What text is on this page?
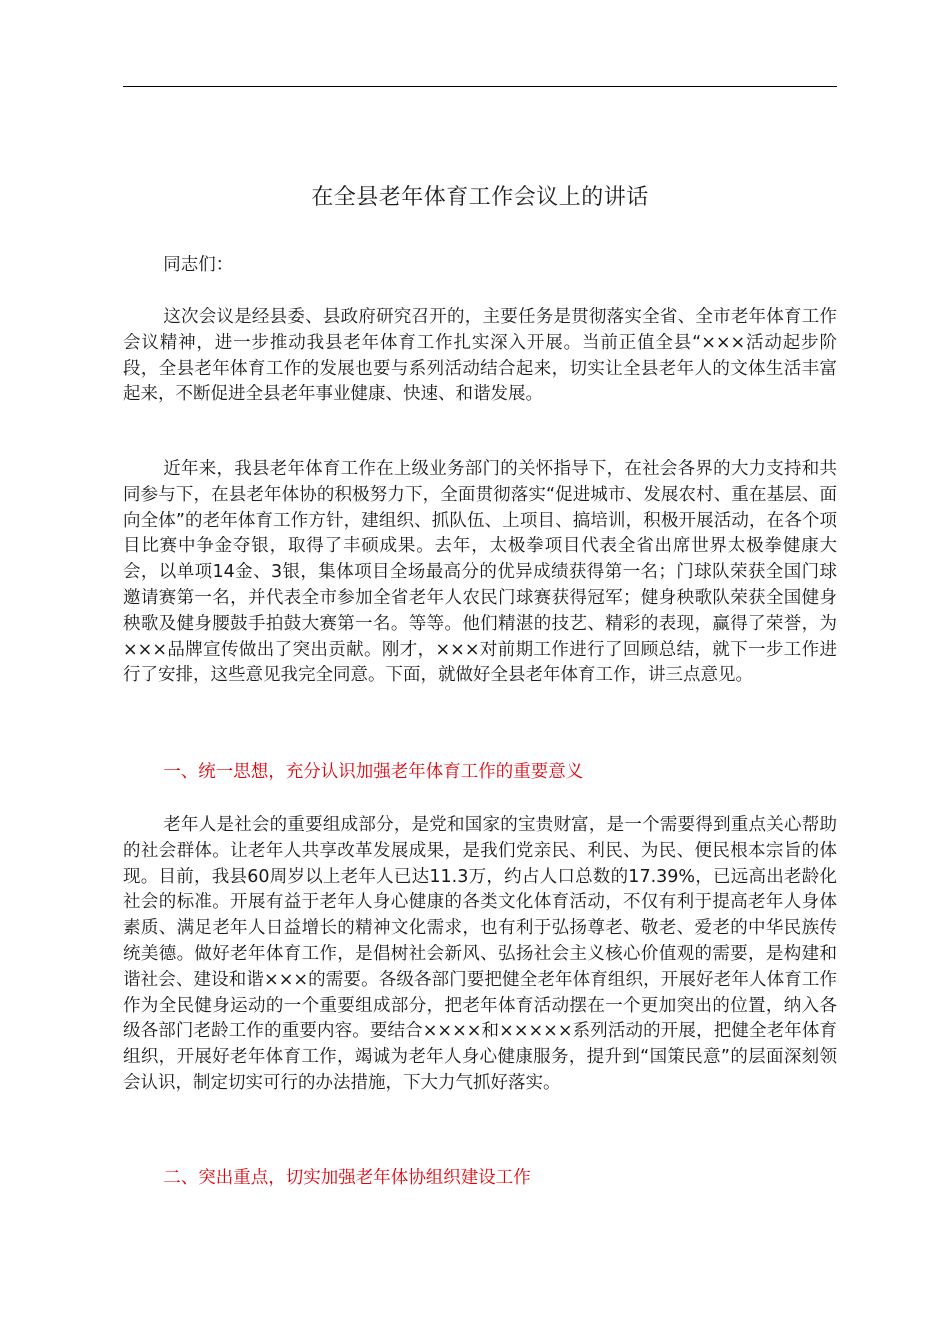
在全县老年体育工作会议上的讲话

同志们：

这次会议是经县委、县政府研究召开的，主要任务是贯彻落实全省、全市老年体育工作会议精神，进一步推动我县老年体育工作扎实深入开展。当前正值全县“×××活动起步阶段，全县老年体育工作的发展也要与系列活动结合起来，切实让全县老年人的文体生活丰富起来，不断促进全县老年事业健康、快速、和谐发展。

近年来，我县老年体育工作在上级业务部门的关怀指导下，在社会各界的大力支持和共同参与下，在县老年体协的积极努力下，全面贯彻落实“促进城市、发展农村、重在基层、面向全体”的老年体育工作方针，建组织、抓队伍、上项目、搞培训，积极开展活动，在各个项目比赛中争金夺银，取得了丰硕成果。去年，太极拳项目代表全省出席世界太极拳健康大会，以单项14金、3银，集体项目全场最高分的优异成绩获得第一名；门球队荣获全国门球邀请赛第一名，并代表全市参加全省老年人农民门球赛获得冠军；健身秧歌队荣获全国健身秧歌及健身腰鼓手拍鼓大赛第一名。等等。他们精湛的技艺、精彩的表现，赢得了荣誉，为×××品牌宣传做出了突出贡献。刚才，×××对前期工作进行了回顾总结，就下一步工作进行了安排，这些意见我完全同意。下面，就做好全县老年体育工作，讲三点意见。

一、统一思想，充分认识加强老年体育工作的重要意义

老年人是社会的重要组成部分，是党和国家的宝贵财富，是一个需要得到重点关心帮助的社会群体。让老年人共享改革发展成果，是我们党亲民、利民、为民、便民根本宗旨的体现。目前，我县60周岁以上老年人已达11.3万，约占人口总数的17.39%，已远高出老龄化社会的标准。开展有益于老年人身心健康的各类文化体育活动，不仅有利于提高老年人身体素质、满足老年人日益增长的精神文化需求，也有利于弘扬尊老、敬老、爱老的中华民族传统美德。做好老年体育工作，是倡树社会新风、弘扬社会主义核心价值观的需要，是构建和谐社会、建设和谐×××的需要。各级各部门要把健全老年体育组织，开展好老年人体育工作作为全民健身运动的一个重要组成部分，把老年体育活动摆在一个更加突出的位置，纳入各级各部门老龄工作的重要内容。要结合××××和×××××系列活动的开展，把健全老年体育组织，开展好老年体育工作，竭诚为老年人身心健康服务，提升到“国策民意”的层面深刻领会认识，制定切实可行的办法措施，下大力气抓好落实。

二、突出重点，切实加强老年体协组织建设工作
